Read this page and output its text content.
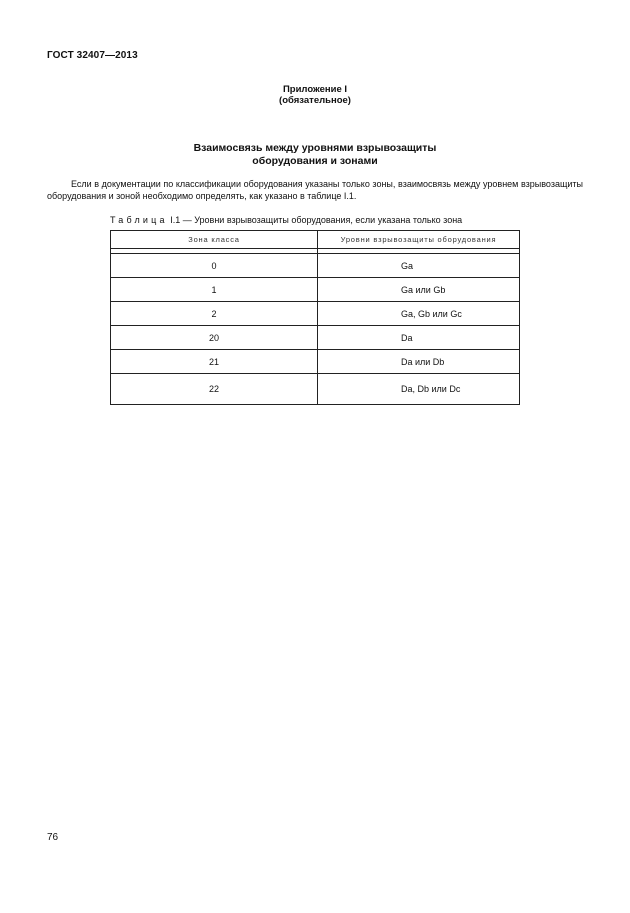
ГОСТ 32407—2013
Приложение I
(обязательное)
Взаимосвязь между уровнями взрывозащиты
оборудования и зонами
Если в документации по классификации оборудования указаны только зоны, взаимосвязь между уровнем взрывозащиты оборудования и зоной необходимо определять, как указано в таблице I.1.
Таблица I.1 — Уровни взрывозащиты оборудования, если указана только зона
Зона класса	Уровни взрывозащиты оборудования

0	Ga
1	Ga или Gb
2	Ga, Gb или Gc
20	Da
21	Da или Db
22	Da, Db или Dc
76
